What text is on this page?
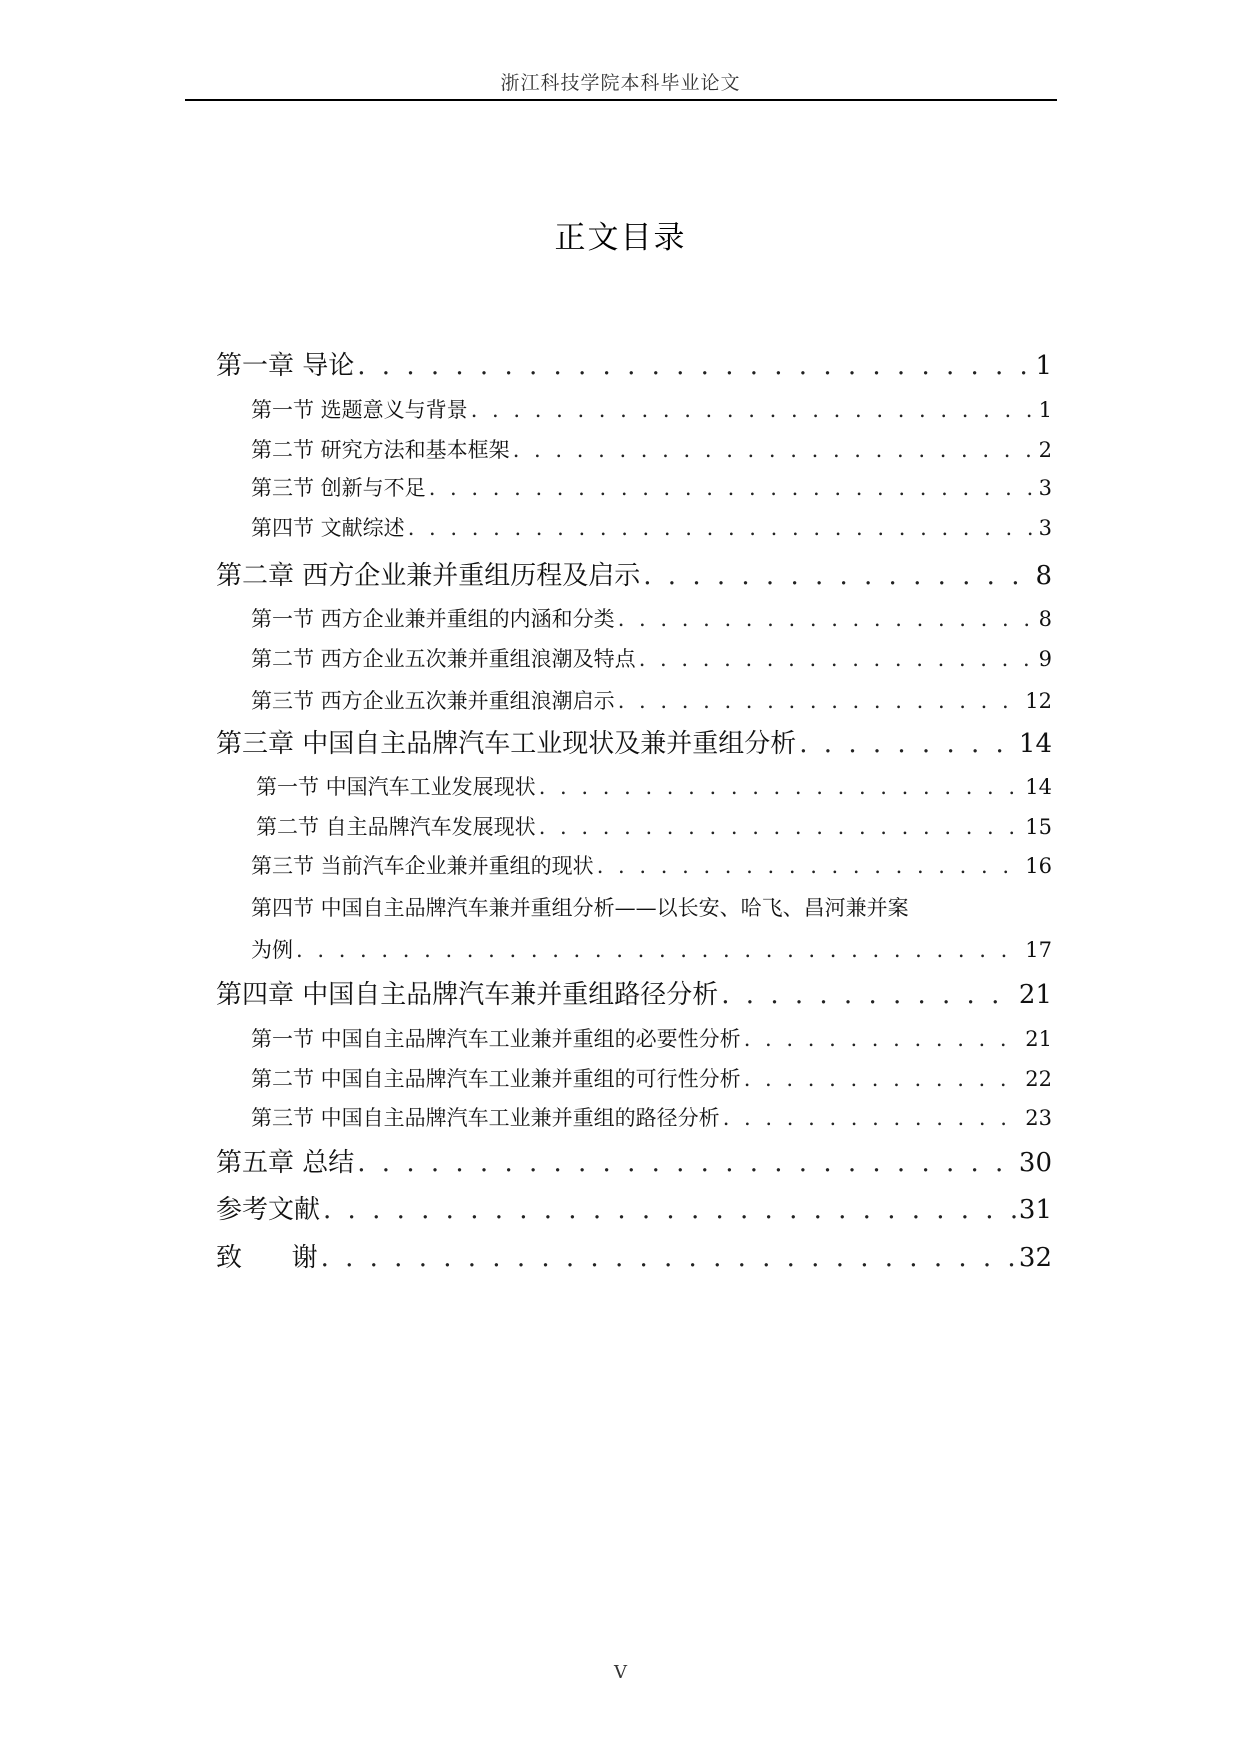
浙江科技学院本科毕业论文
正文目录
第一章 导论 . . .	1
第一节 选题意义与背景 . . .	1
第二节 研究方法和基本框架 . . .	2
第三节 创新与不足 . . .	3
第四节 文献综述 . . .	3
第二章 西方企业兼并重组历程及启示 . . .	8
第一节 西方企业兼并重组的内涵和分类 . . .	8
第二节 西方企业五次兼并重组浪潮及特点 . . .	9
第三节 西方企业五次兼并重组浪潮启示 . . .	12
第三章 中国自主品牌汽车工业现状及兼并重组分析 . . .	14
第一节 中国汽车工业发展现状 . . .	14
第二节 自主品牌汽车发展现状 . . .	15
第三节 当前汽车企业兼并重组的现状 . . .	16
第四节 中国自主品牌汽车兼并重组分析——以长安、哈飞、昌河兼并案
为例 . . .	17
第四章 中国自主品牌汽车兼并重组路径分析 . . .	21
第一节 中国自主品牌汽车工业兼并重组的必要性分析 . . .	21
第二节 中国自主品牌汽车工业兼并重组的可行性分析 . . .	22
第三节 中国自主品牌汽车工业兼并重组的路径分析 . . .	23
第五章 总结 . . .	30
参考文献 . . .	31
致      谢 . . .	32
V
